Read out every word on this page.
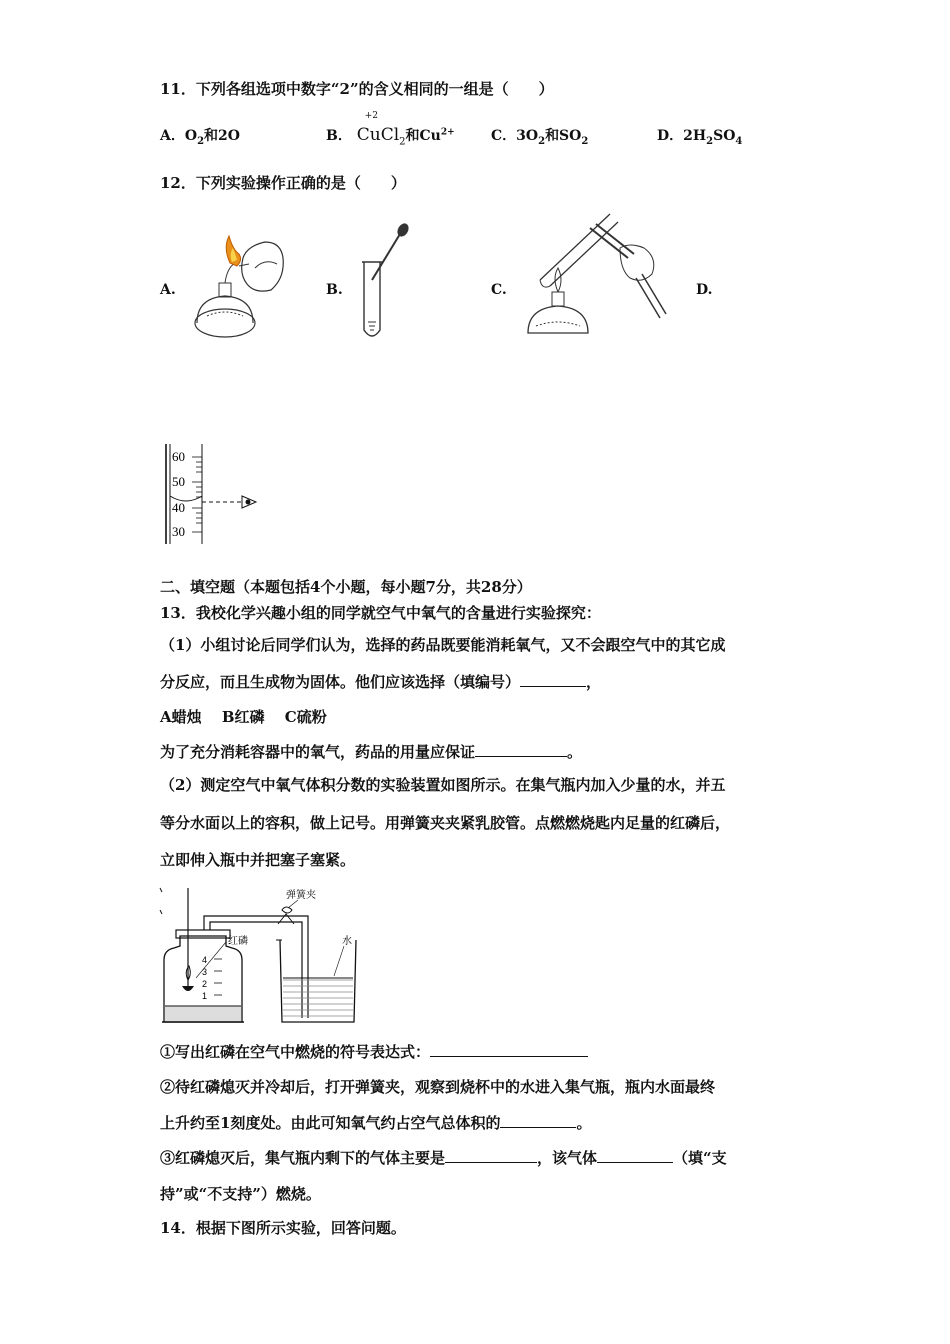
11．下列各组选项中数字“2”的含义相同的一组是（　　）
A．$O_2$和2O	B．
+2
CuCl$_2$和$Cu^{2+}$	C．$3O_2$和$SO_2$	D．$2H_2SO_4$
12．下列实验操作正确的是（　　）
A.	B.	C.	D.
60
50
40
30
二、填空题（本题包括4个小题，每小题7分，共28分）
13．我校化学兴趣小组的同学就空气中氧气的含量进行实验探究：
（1）小组讨论后同学们认为，选择的药品既要能消耗氧气，又不会跟空气中的其它成
分反应，而且生成物为固体。他们应该选择（填编号）	，
A蜡烛　 B红磷　 C硫粉
为了充分消耗容器中的氧气，药品的用量应保证	。
（2）测定空气中氧气体积分数的实验装置如图所示。在集气瓶内加入少量的水，并五
等分水面以上的容积，做上记号。用弹簧夹夹紧乳胶管。点燃燃烧匙内足量的红磷后，
立即伸入瓶中并把塞子塞紧。
4
3
2
1
红磷
弹簧夹
水
①写出红磷在空气中燃烧的符号表达式：
②待红磷熄灭并冷却后，打开弹簧夹，观察到烧杯中的水进入集气瓶，瓶内水面最终
上升约至1刻度处。由此可知氧气约占空气总体积的	。
③红磷熄灭后，集气瓶内剩下的气体主要是	，该气体	（填“支
持”或“不支持”）燃烧。
14．根据下图所示实验，回答问题。
